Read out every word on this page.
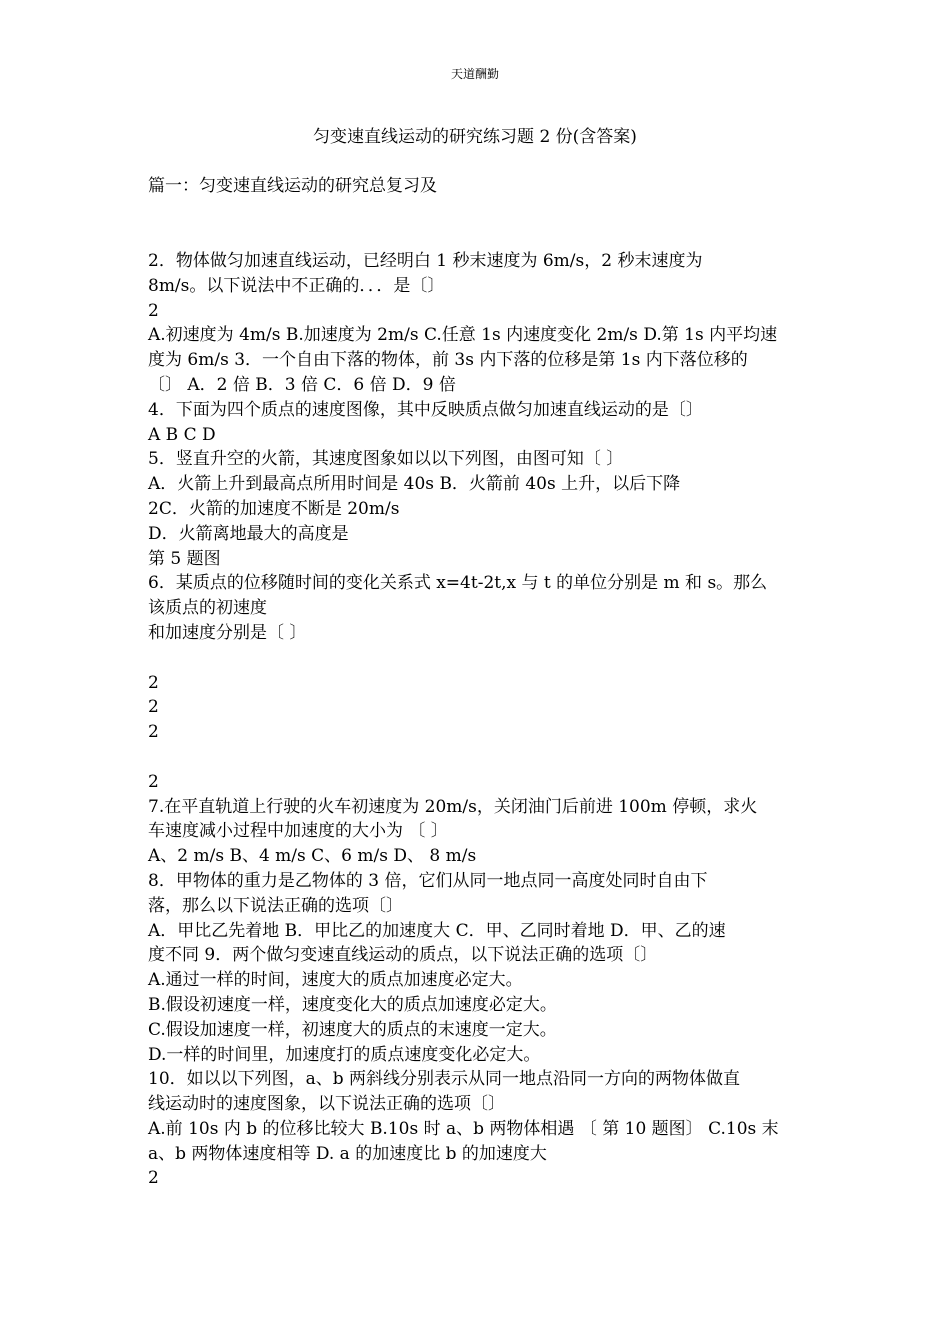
天道酬勤
匀变速直线运动的研究练习题 2 份(含答案)
篇一：匀变速直线运动的研究总复习及
2．物体做匀加速直线运动，已经明白 1 秒末速度为 6m/s，2 秒末速度为
8m/s。以下说法中不正确的．．．是〔〕
2
A.初速度为 4m/s B.加速度为 2m/s C.任意 1s 内速度变化 2m/s D.第 1s 内平均速
度为 6m/s 3．一个自由下落的物体，前 3s 内下落的位移是第 1s 内下落位移的
〔〕 A．2 倍 B．3 倍 C．6 倍 D．9 倍
4．下面为四个质点的速度图像，其中反映质点做匀加速直线运动的是〔〕
A B C D
5．竖直升空的火箭，其速度图象如以以下列图，由图可知〔 〕
A．火箭上升到最高点所用时间是 40s B．火箭前 40s 上升，以后下降
2C．火箭的加速度不断是 20m/s
D．火箭离地最大的高度是
第 5 题图
6．某质点的位移随时间的变化关系式 x=4t-2t,x 与 t 的单位分别是 m 和 s。那么
该质点的初速度
和加速度分别是〔 〕
2
2
2
2
7.在平直轨道上行驶的火车初速度为 20m/s，关闭油门后前进 100m 停顿，求火
车速度减小过程中加速度的大小为 〔 〕
A、2 m/s B、4 m/s C、6 m/s D、 8 m/s
8．甲物体的重力是乙物体的 3 倍，它们从同一地点同一高度处同时自由下
落，那么以下说法正确的选项〔〕
A．甲比乙先着地 B．甲比乙的加速度大 C．甲、乙同时着地 D．甲、乙的速
度不同 9．两个做匀变速直线运动的质点，以下说法正确的选项〔〕
A.通过一样的时间，速度大的质点加速度必定大。
B.假设初速度一样，速度变化大的质点加速度必定大。
C.假设加速度一样，初速度大的质点的末速度一定大。
D.一样的时间里，加速度打的质点速度变化必定大。
10．如以以下列图，a、b 两斜线分别表示从同一地点沿同一方向的两物体做直
线运动时的速度图象，以下说法正确的选项〔〕
A.前 10s 内 b 的位移比较大 B.10s 时 a、b 两物体相遇 〔 第 10 题图〕 C.10s 末
a、b 两物体速度相等 D. a 的加速度比 b 的加速度大
2
